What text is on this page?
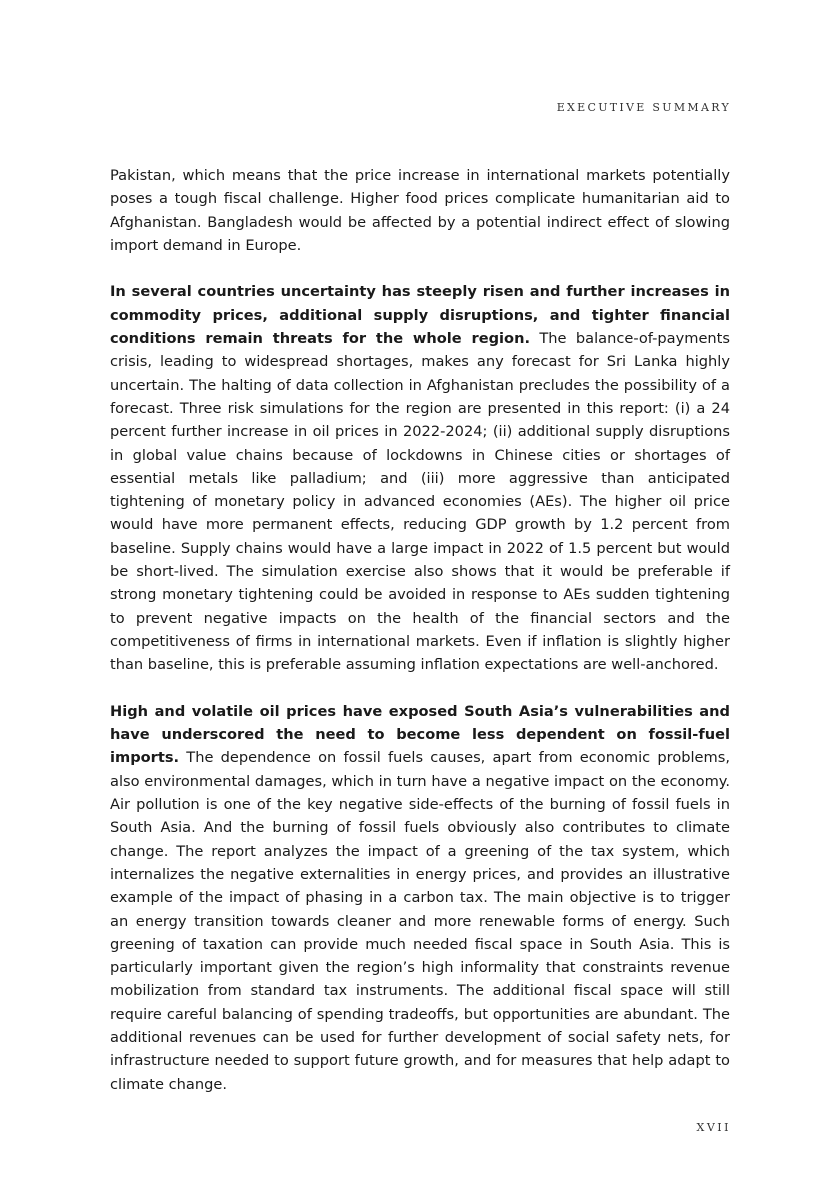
EXECUTIVE SUMMARY

Pakistan, which means that the price increase in international markets potentially poses a tough fiscal challenge. Higher food prices complicate humanitarian aid to Afghanistan. Bangladesh would be affected by a potential indirect effect of slowing import demand in Europe.

In several countries uncertainty has steeply risen and further increases in commodity prices, additional supply disruptions, and tighter financial conditions remain threats for the whole region. The balance-of-payments crisis, leading to widespread shortages, makes any forecast for Sri Lanka highly uncertain. The halting of data collection in Afghanistan precludes the possibility of a forecast. Three risk simulations for the region are presented in this report: (i) a 24 percent further increase in oil prices in 2022-2024; (ii) additional supply disruptions in global value chains because of lockdowns in Chinese cities or shortages of essential metals like palladium; and (iii) more aggressive than anticipated tightening of monetary policy in advanced economies (AEs). The higher oil price would have more permanent effects, reducing GDP growth by 1.2 percent from baseline. Supply chains would have a large impact in 2022 of 1.5 percent but would be short-lived. The simulation exercise also shows that it would be preferable if strong monetary tightening could be avoided in response to AEs sudden tightening to prevent negative impacts on the health of the financial sectors and the competitiveness of firms in international markets. Even if inflation is slightly higher than baseline, this is preferable assuming inflation expectations are well-anchored.

High and volatile oil prices have exposed South Asia’s vulnerabilities and have underscored the need to become less dependent on fossil-fuel imports. The dependence on fossil fuels causes, apart from economic problems, also environmental damages, which in turn have a negative impact on the economy. Air pollution is one of the key negative side-effects of the burning of fossil fuels in South Asia. And the burning of fossil fuels obviously also contributes to climate change. The report analyzes the impact of a greening of the tax system, which internalizes the negative externalities in energy prices, and provides an illustrative example of the impact of phasing in a carbon tax. The main objective is to trigger an energy transition towards cleaner and more renewable forms of energy. Such greening of taxation can provide much needed fiscal space in South Asia. This is particularly important given the region’s high informality that constraints revenue mobilization from standard tax instruments. The additional fiscal space will still require careful balancing of spending tradeoffs, but opportunities are abundant. The additional revenues can be used for further development of social safety nets, for infrastructure needed to support future growth, and for measures that help adapt to climate change.

XVII
